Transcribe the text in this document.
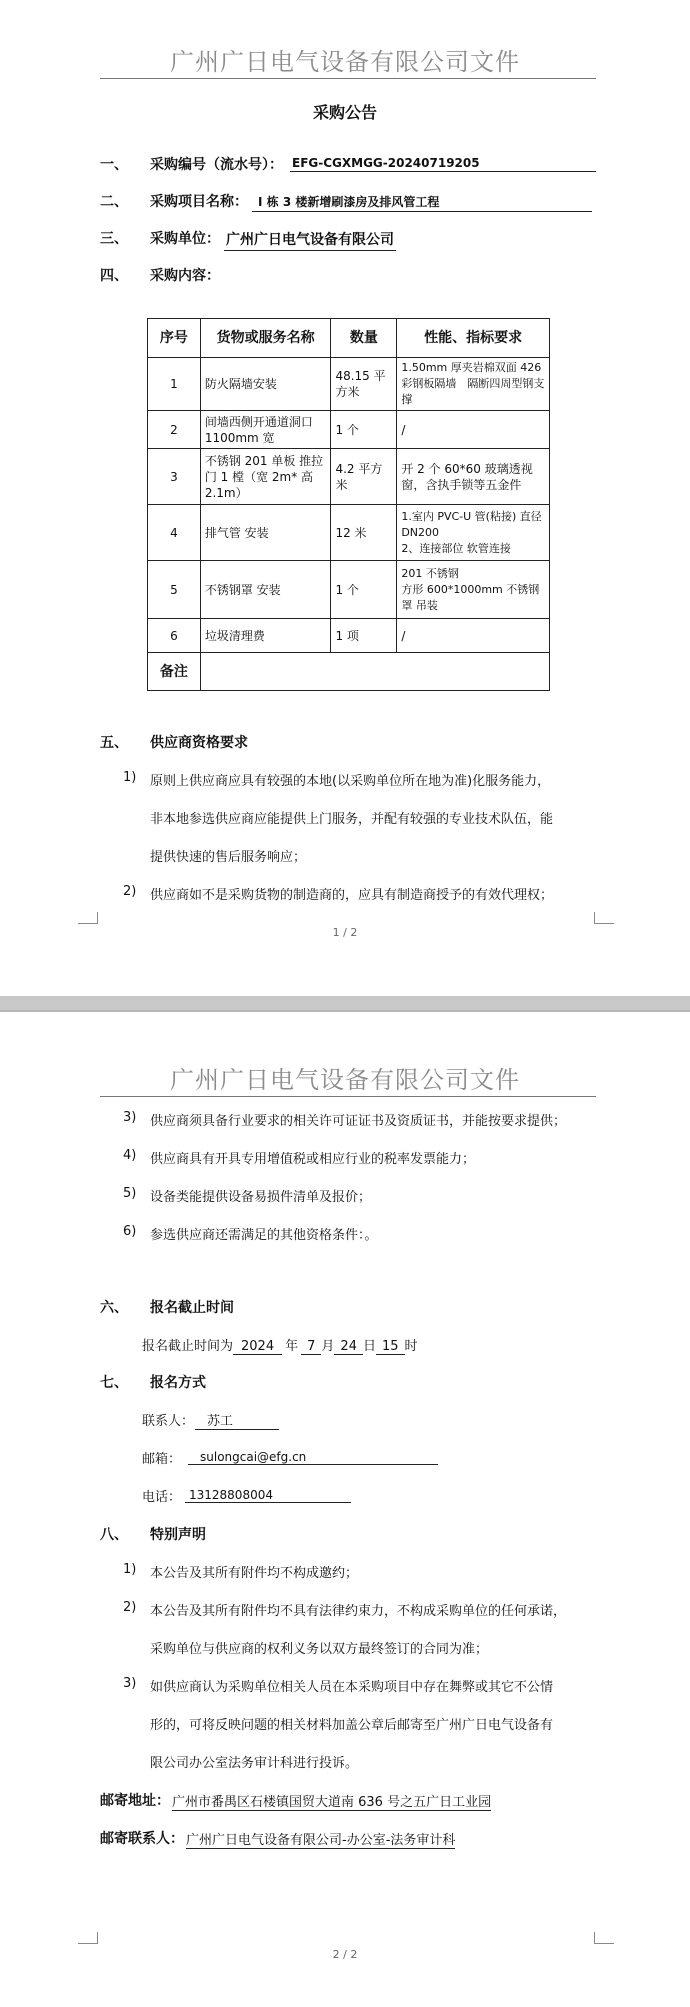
广州广日电气设备有限公司文件
采购公告
一、 采购编号（流水号）： EFG-CGXMGG-20240719205
二、 采购项目名称： I 栋 3 楼新增刷漆房及排风管工程
三、 采购单位： 广州广日电气设备有限公司
四、 采购内容：
序号	货物或服务名称	数量	性能、指标要求
1	防火隔墙安装	48.15 平方米	1.50mm 厚夹岩棉双面 426 彩钢板隔墙　隔断四周型钢支撑
2	间墙西侧开通道洞口 1100mm 宽	1 个	/
3	不锈钢 201 单板 推拉门 1 樘（宽 2m* 高 2.1m）	4.2 平方米	开 2 个 60*60 玻璃透视窗，含执手锁等五金件
4	排气管 安装	12 米	1.室内 PVC-U 管(粘接) 直径 DN200
2、连接部位 软管连接
5	不锈钢罩 安装	1 个	201 不锈钢
方形 600*1000mm 不锈钢罩 吊装
6	垃圾清理费	1 项	/
备注			
五、 供应商资格要求
1) 原则上供应商应具有较强的本地(以采购单位所在地为准)化服务能力，
非本地参选供应商应能提供上门服务，并配有较强的专业技术队伍，能
提供快速的售后服务响应；
2) 供应商如不是采购货物的制造商的，应具有制造商授予的有效代理权；
1 / 2
广州广日电气设备有限公司文件
3) 供应商须具备行业要求的相关许可证证书及资质证书，并能按要求提供；
4) 供应商具有开具专用增值税或相应行业的税率发票能力；
5) 设备类能提供设备易损件清单及报价；
6) 参选供应商还需满足的其他资格条件：。
六、 报名截止时间
报名截止时间为 2024 年 7 月 24 日 15 时
七、 报名方式
联系人： 苏工
邮箱：	sulongcai@efg.cn
电话： 13128808004
八、 特别声明
1) 本公告及其所有附件均不构成邀约；
2) 本公告及其所有附件均不具有法律约束力，不构成采购单位的任何承诺，
采购单位与供应商的权利义务以双方最终签订的合同为准；
3) 如供应商认为采购单位相关人员在本采购项目中存在舞弊或其它不公情
形的，可将反映问题的相关材料加盖公章后邮寄至广州广日电气设备有
限公司办公室法务审计科进行投诉。
邮寄地址： 广州市番禺区石楼镇国贸大道南 636 号之五广日工业园
邮寄联系人： 广州广日电气设备有限公司-办公室-法务审计科
2 / 2
